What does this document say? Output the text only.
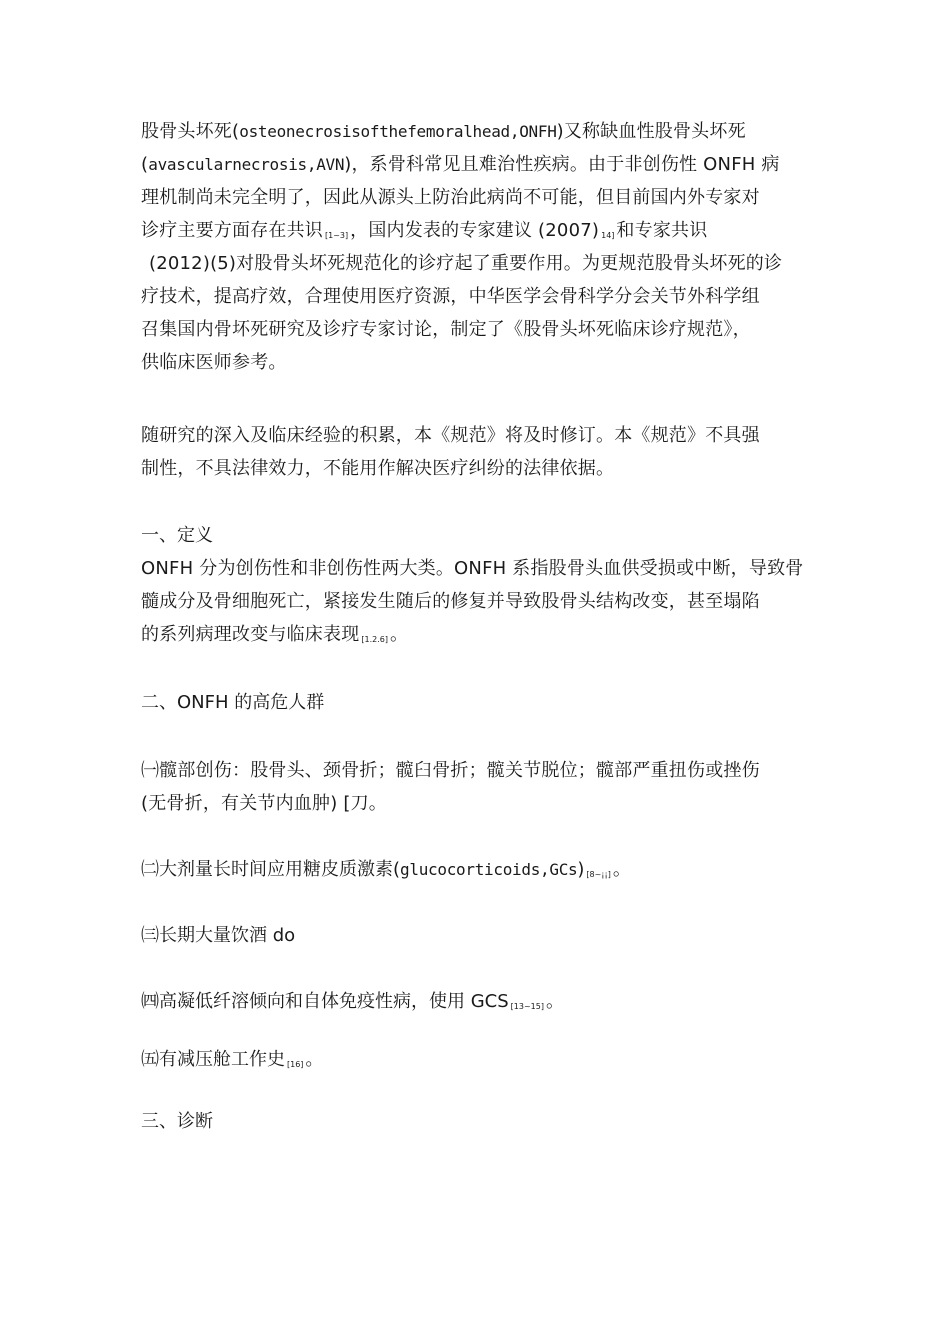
股骨头坏死(osteonecrosisofthefemoralhead,ONFH)又称缺血性股骨头坏死
(avascularnecrosis,AVN)，系骨科常见且难治性疾病。由于非创伤性 ONFH 病
理机制尚未完全明了，因此从源头上防治此病尚不可能，但目前国内外专家对
诊疗主要方面存在共识 [1~3] ，国内发表的专家建议 (2007) 14] 和专家共识
(2012)(5)对股骨头坏死规范化的诊疗起了重要作用。为更规范股骨头坏死的诊
疗技术，提高疗效，合理使用医疗资源，中华医学会骨科学分会关节外科学组
召集国内骨坏死研究及诊疗专家讨论，制定了《股骨头坏死临床诊疗规范》，
供临床医师参考。
随研究的深入及临床经验的积累，本《规范》将及时修订。本《规范》不具强
制性，不具法律效力，不能用作解决医疗纠纷的法律依据。
一、定义
ONFH 分为创伤性和非创伤性两大类。ONFH 系指股骨头血供受损或中断，导致骨
髓成分及骨细胞死亡，紧接发生随后的修复并导致股骨头结构改变，甚至塌陷
的系列病理改变与临床表现 [1.2.6] 。
二、ONFH 的高危人群
㈠髋部创伤：股骨头、颈骨折；髋臼骨折；髋关节脱位；髋部严重扭伤或挫伤
(无骨折，有关节内血肿) [刀。
㈡大剂量长时间应用糖皮质激素(glucocorticoids,GCs) [8~¡¡] 。
㈢长期大量饮酒 do
㈣高凝低纤溶倾向和自体免疫性病，使用 GCS [13~15] 。
㈤有减压舱工作史 [16] 。
三、诊断
